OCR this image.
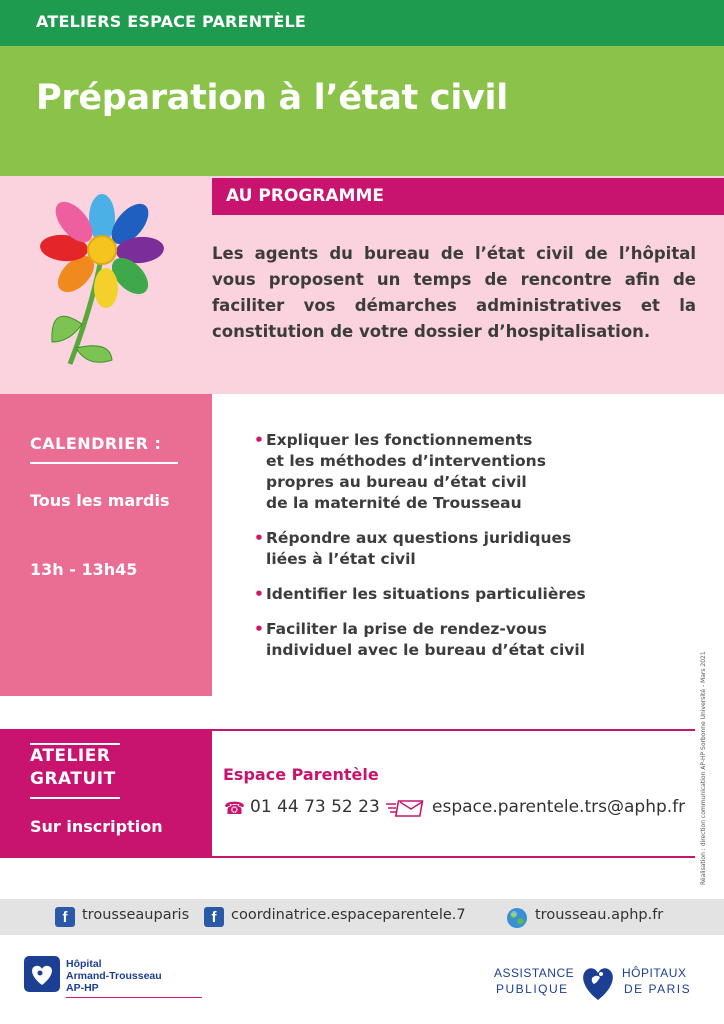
ATELIERS ESPACE PARENTÈLE
Préparation à l’état civil
AU PROGRAMME

Les agents du bureau de l’état civil de l’hôpital vous proposent un temps de rencontre afin de faciliter vos démarches administratives et la constitution de votre dossier d’hospitalisation.

CALENDRIER :
Tous les mardis
13h - 13h45
• Expliquer les fonctionnements
et les méthodes d’interventions
propres au bureau d’état civil
de la maternité de Trousseau
• Répondre aux questions juridiques
liées à l’état civil
• Identifier les situations particulières
• Faciliter la prise de rendez-vous
individuel avec le bureau d’état civil
Réalisation : direction communication AP-HP Sorbonne Université - Mars 2021
ATELIER
GRATUIT
Sur inscription
Espace Parentèle
☎ 01 44 73 52 23	espace.parentele.trs@aphp.fr
f	trousseauparis	f	coordinatrice.espaceparentele.7	trousseau.aphp.fr
Hôpital
Armand-Trousseau
AP-HP
ASSISTANCE
PUBLIQUE
HÔPITAUX
DE PARIS
